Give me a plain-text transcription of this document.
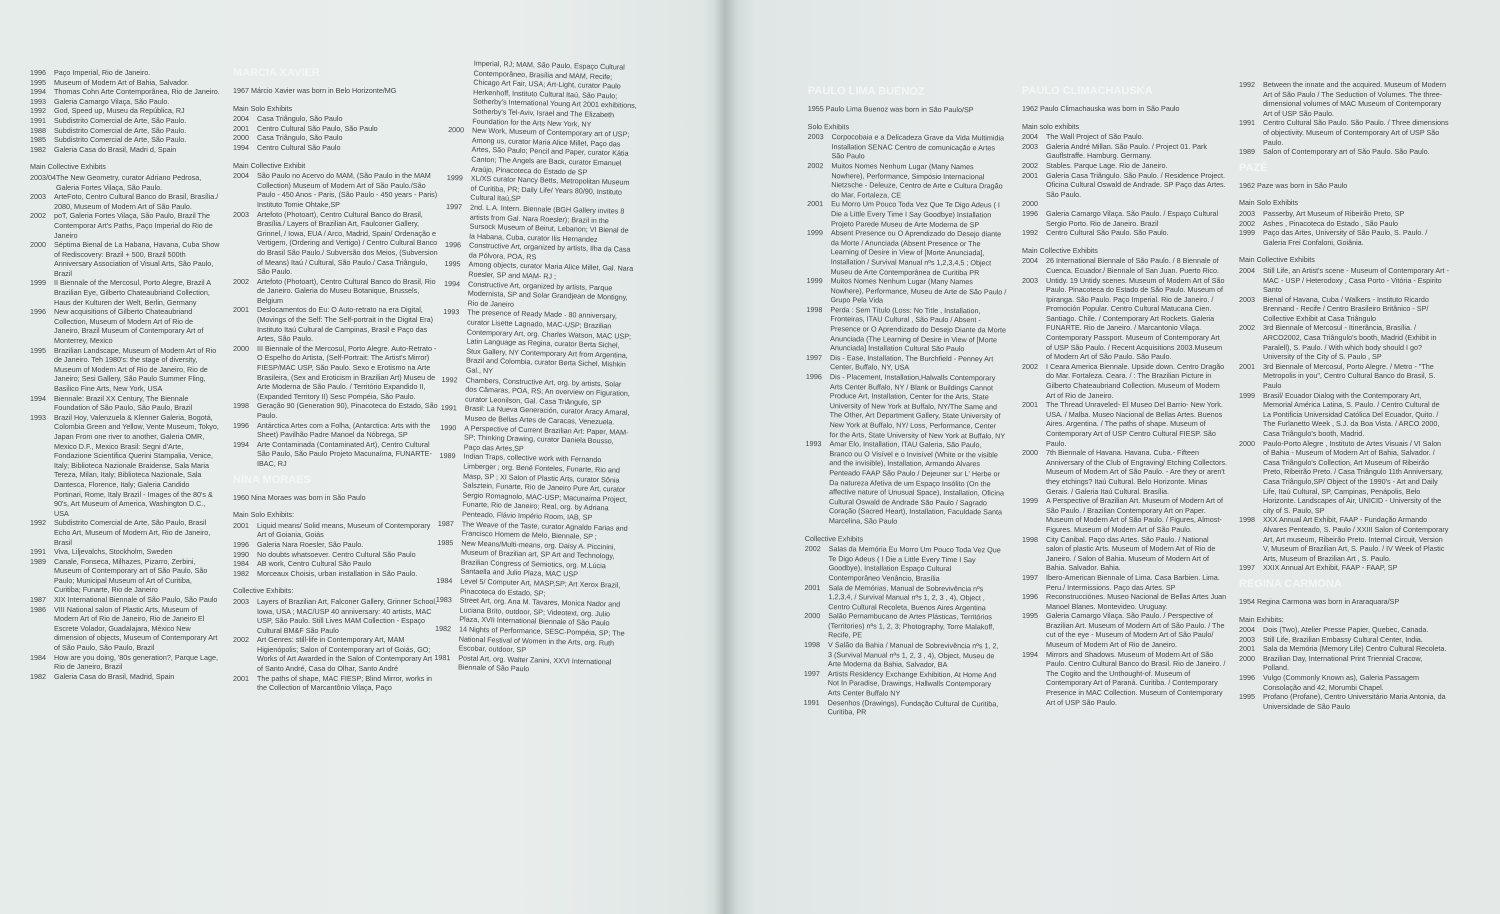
1996	Paço Imperial, Rio de Janeiro.
1995	Museum of Modern Art of Bahia, Salvador.
1994	Thomas Cohn Arte Contemporânea, Rio de Janeiro.
1993	Galeria Camargo Vilaça, São Paulo.
1992	God, Speed up, Museu da República, RJ
1991	Subdistrito Comercial de Arte, São Paulo.
1988	Subdistrito Comercial de Arte, São Paulo.
1985	Subdistrito Comercial de Arte, São Paulo.
1982	Galeria Casa do Brasil, Madri d, Spain
Main Collective Exhibits
2003/04 The New Geometry, curator Adriano Pedrosa, Galeria Fortes Vilaça, São Paulo.
2003	ArteFoto, Centro Cultural Banco do Brasil, Brasília./ 2080, Museum of Modern Art of São Paulo.
2002	poT, Galeria Fortes Vilaça, São Paulo, Brazil The Contemporar Art's Paths, Paço Imperial do Rio de Janeiro
2000	Séptima Bienal de La Habana, Havana, Cuba Show of Rediscovery: Brazil + 500, Brazil 500th Anniversary Association of Visual Arts, São Paulo, Brazil
1999	II Biennale of the Mercosul, Porto Alegre, Brazil A Brazilian Eye, Gilberto Chateaubriand Collection, Haus der Kulturen der Welt, Berlin, Germany
1996	New acquisitions of Gilberto Chateaubriand Collection, Museum of Modern Art of Rio de Janeiro, Brazil Museum of Contemporary Art of Monterrey, Mexico
1995	Brazilian Landscape, Museum of Modern Art of Rio de Janeiro. Teh 1980's: the stage of diversity, Museum of Modern Art of Rio de Janeiro, Rio de Janeiro; Sesi Gallery, São Paulo Summer Fling, Basilico Fine Arts, New York, USA
1994	Biennale: Brazil XX Century, The Biennale Foundation of São Paulo, São Paulo, Brazil
1993	Brazil Hoy, Valenzuela & Klenner Galeria, Bogotá, Colombia Green and Yellow, Vente Museum, Tokyo, Japan From one river to another, Galeria OMR, Mexico D.F., Mexico Brasil: Segni d'Arte, Fondazione Scientifica Querini Stampalia, Venice, Italy; Biblioteca Nazionale Braidense, Sala Maria Tereza, Milan, Italy; Biblioteca Nazionale, Sala Dantesca, Florence, Italy; Galeria Candido Portinari, Rome, Italy Brazil - Images of the 80's & 90's, Art Museum of America, Washington D.C., USA
1992	Subdistrito Comercial de Arte, São Paulo, Brasil Echo Art, Museum of Modern Art, Rio de Janeiro, Brasil
1991	Viva, Liljevalchs, Stockholm, Sweden
1989	Canale, Fonseca, Milhazes, Pizarro, Zerbini, Museum of Contemporary art of São Paulo, São Paulo; Municipal Museum of Art of Curitiba, Curitiba; Funarte, Rio de Janeiro
1987	XIX International Biennale of São Paulo, São Paulo
1986	VIII National salon of Plastic Arts, Museum of Modern Art of Rio de Janeiro, Rio de Janeiro El Escrete Volador, Guadalajara, México New dimension of objects, Museum of Contemporary Art of São Paulo, São Paulo, Brazil
1984	How are you doing, '80s generation?, Parque Lage, Rio de Janeiro, Brazil
1982	Galeria Casa do Brasil, Madrid, Spain
MARCIA XAVIER
1967 Márcio Xavier was born in Belo Horizonte/MG
Main Solo Exhibits
2004	Casa Triângulo, São Paulo
2001	Centro Cultural São Paulo, São Paulo
2000	Casa Triângulo, São Paulo
1994	Centro Cultural São Paulo
Main Collective Exhibit
2004	São Paulo no Acervo do MAM, (São Paulo in the MAM Collection) Museum of Modern Art of São Paulo./São Paulo - 450 Anos - Paris, (São Paulo - 450 years - Paris) Instituto Tomie Ohtake,SP
2003	Artefoto (Photoart), Centro Cultural Banco do Brasil, Brasília./ Layers of Brazilian Art, Faulconer Gallery, Grinnel, / Iowa, EUA / Arco, Madrid, Spain/ Ordenação e Vertigem, (Ordering and Vertigo) / Centro Cultural Banco do Brasil São Paulo./ Subversão dos Meios, (Subversion of Means) Itaú / Cultural, São Paulo./ Casa Triângulo, São Paulo.
2002	Artefoto (Photoart), Centro Cultural Banco do Brasil, Rio de Janeiro. Galeria do Museu Botanique, Brussels, Belgium
2001	Deslocamentos do Eu: O Auto-retrato na era Digital, (Movings of the Self: The Self-portrait in the Digital Era) Instituto Itaú Cultural de Campinas, Brasil e Paço das Artes, São Paulo.
2000	III Biennale of the Mercosul, Porto Alegre. Auto-Retrato - O Espelho do Artista, (Self-Portrait: The Artist's Mirror) FIESP/MAC USP, São Paulo. Sexo e Erotismo na Arte Brasileira, (Sex and Eroticism in Brazilian Art) Museu de Arte Moderna de São Paulo. / Território Expandido II, (Expanded Territory II) Sesc Pompéia, São Paulo.
1998	Geração 90 (Generation 90), Pinacoteca do Estado, São Paulo.
1996	Antárctica Artes com a Folha, (Antarctica: Arts with the Sheet) Pavilhão Padre Manoel da Nóbrega, SP
1994	Arte Contaminada (Contaminated Art), Centro Cultural São Paulo, São Paulo Projeto Macunaíma, FUNARTE-IBAC, RJ
NINA MORAES
1960 Nina Moraes was born in São Paulo
Main Solo Exhibits:
2001	Liquid means/ Solid means, Museum of Contemporary Art of Goiania, Goiás
1996	Galeria Nara Roesler, São Paulo.
1990	No doubts whatsoever. Centro Cultural São Paulo
1984	AB work, Centro Cultural São Paulo
1982	Morceaux Choisis, urban installation in São Paulo.
Collective Exhibits:
2003	Layers of Brazilian Art, Falconer Gallery, Grinner School, Iowa, USA ; MAC/USP 40 anniversary: 40 artists, MAC USP, São Paulo. Still Lives MAM Collection - Espaço Cultural BM&F São Paulo
2002	Art Genres: still-life in Contemporary Art, MAM Higienópolis; Salon of Contemporary art of Goiás, GO; Works of Art Awarded in the Salon of Contemporary Art of Santo André, Casa do Olhar, Santo André
2001	The paths of shape, MAC FIESP; Blind Mirror, works in the Collection of Marcantônio Vilaça, Paço
Imperial, RJ; MAM, São Paulo, Espaço Cultural Contemporâneo, Brasília and MAM, Recife; Chicago Art Fair, USA; Art-Light, curator Paulo Herkenhoff, Instituto Cultural Itaú, São Paulo; Sotherby's International Young Art 2001 exhibitions, Sotherby's Tel-Aviv, Israel and The Elizabeth Foundation for the Arts New York, NY
2000	New Work, Museum of Contemporary art of USP; Among us, curator Maria Alice Millet, Paço das Artes, São Paulo; Pencil and Paper, curator Kátia Canton; The Angels are Back, curator Emanuel Araújo, Pinacoteca do Estado de SP
1999	XL/XS curator Nancy Betts, Metropolitan Museum of Curitiba, PR; Daily Life/ Years 80/90, Instituto Cultural Itaú,SP
1997	2nd. L.A. Intern. Biennale (BGH Gallery invites 8 artists from Gal. Nara Roesler); Brazil in the Sursock Museum of Beirut, Lebanon; VI Bienal de la Habana, Cuba, curator Ilis Hernandez
1996	Constructive Art, organized by artists, Ilha da Casa da Pólvora, POA, RS
1995	Among objects, curator Maria Alice Millet, Gal. Nara Roesler, SP and MAM- RJ ;
1994	Constructive Art, organized by artists, Parque Modernista, SP and Solar Grandjean de Montigny, Rio de Janeiro
1993	The presence of Ready Made - 80 anniversary, curator Lisette Lagnado, MAC-USP; Brazilian Contemporary Art, org. Charles Watson, MAC USP; Latin Language as Regina, curator Berta Sichel, Stux Gallery, NY Contemporary Art from Argentina, Brazil and Colombia, curator Berta Sichel, Mishkin Gal., NY
1992	Chambers, Constructive Art, org. by artists, Solar dos Câmaras, POA, RS; An overview on Figuration, curator Leonilson, Gal. Casa Triângulo, SP
1991	Brasil: La Nueva Generación, curator Aracy Amaral, Museo de Bellas Artes de Caracas, Venezuela.
1990	A Perspective of Current Brazilian Art: Paper, MAM-SP; Thinking Drawing, curator Daniela Bousso, Paço das Artes,SP
1989	Indian Traps, collective work with Fernando Limberger ; org. Bené Fonteles, Funarte, Rio and Masp, SP ; XI Salon of Plastic Arts, curator Sônia Salsztein, Funarte, Rio de Janeiro Pure Art, curator Sergio Romagnolo, MAC-USP; Macunaíma Project, Funarte, Rio de Janeiro; Real, org. by Adriana Penteado, Flávio Império Room, IAB, SP
1987	The Weave of the Taste, curator Agnaldo Farias and Francisco Homem de Melo, Biennale, SP ;
1985	New Means/Multi-means, org. Daisy A. Piccinini, Museum of Brazilian art, SP Art and Technology, Brazilian Congress of Semiotics, org. M.Lúcia Santaella and Julio Plaza, MAC USP
1984	Level 5/ Computer Art, MASP,SP; Art Xerox Brazil, Pinacoteca do Estado, SP;
1983	Street Art, org. Ana M. Tavares, Monica Nador and Luciana Brito, outdoor, SP; Videotext, org. Julio Plaza, XVII International Biennale of São Paulo
1982	14 Nights of Performance, SESC-Pompéia, SP; The National Festival of Women in the Arts, org. Ruth Escobar, outdoor, SP
1981	Postal Art, org. Walter Zanini, XXVI International Biennale of São Paulo
PAULO LIMA BUENOZ
1955 Paulo Lima Buenoz was born in São Paulo/SP
Solo Exhibits
2003	Corpocobaia e a Delicadeza Grave da Vida Multimidia Installation SENAC Centro de comunicação e Artes São Paulo
2002	Muitos Nomes Nenhum Lugar (Many Names Nowhere), Performance, Simpósio Internacional Nietzsche - Deleuze, Centro de Arte e Cultura Dragão do Mar, Fortaleza, CE
2001	Eu Morro Um Pouco Toda Vez Que Te Digo Adeus ( I Die a Little Every Time I Say Goodbye) Installation Projeto Parede Museu de Arte Moderna de SP
1999	Absent Presence ou O Aprendizado do Desejo diante da Morte / Anunciada (Absent Presence or The Learning of Desire in View of [Morte Anunciada], Installation / Survival Manual nºs 1,2,3,4,5 ; Object Museu de Arte Contemporânea de Curitiba PR
1999	Muitos Nomes Nenhum Lugar (Many Names Nowhere), Performance, Museu de Arte de São Paulo / Grupo Pela Vida
1998	Perda : Sem Título (Loss: No Title , Installation, Fronteiras, ITAU Cultural , São Paulo / Absent - Presence or O Aprendizado do Desejo Diante da Morte Anunciada (The Learning of Desire in View of [Morte Anunciada] Installation Cultural São Paulo
1997	Dis - Ease, Installation, The Burchfield - Penney Art Center, Buffalo, NY, USA
1996	Dis - Placement, Installation,Halwalls Contemporary Arts Center Buffalo, NY / Blank or Buildings Cannot Produce Art, Installation, Center for the Arts, State University of New York at Buffalo, NY/The Same and The Other, Art Department Gallery, State University of New York at Buffalo, NY/ Loss, Performance, Center for the Arts, State University of New York at Buffalo, NY
1993	Amar Elo, Installation, ITAU Galeria, São Paulo, Branco ou O Visível e o Invisível (White or the visible and the invisible), Installation, Armando Alvares Penteado FAAP São Paulo / Dejeuner sur L' Herbe or Da natureza Afetiva de um Espaço Insólito (On the affective nature of Unusual Space), Installation, Oficina Cultural Oswald de Andrade São Paulo / Sagrado Coração (Sacred Heart), Installation, Faculdade Santa Marcelina, São Paulo
Collective Exhibits
2002	Salas da Memória Eu Morro Um Pouco Toda Vez Que Te Digo Adeus ( I Die a Little Every Time I Say Goodbye), Installation Espaço Cultural Contemporâneo Venâncio, Brasília
2001	Sala de Memórias, Manual de Sobrevivência nºs 1,2,3,4, / Survival Manual nºs 1, 2, 3 , 4), Object , Centro Cultural Recoleta, Buenos Aires Argentina
2000	Salão Pernambucano de Artes Plásticas, Territórios (Territories) nºs 1, 2, 3; Photography, Torre Malakoff, Recife, PE
1998	V Salão da Bahia / Manual de Sobrevivência nºs 1, 2, 3 (Survival Manual nºs 1, 2, 3 , 4), Object, Museu de Arte Moderna da Bahia, Salvador, BA
1997	Artists Residency Exchange Exhibition, At Home And Not In Paradise, Drawings, Hallwalls Contemporary Arts Center Buffalo NY
1991	Desenhos (Drawings), Fundação Cultural de Curitiba, Curitiba, PR
PAULO CLIMACHAUSKA
1962 Paulo Climachauska was born in São Paulo
Main solo exhibits
2004	The Wall Project of São Paulo.
2003	Galeria André Millan. São Paulo. / Project 01. Park Gauflstraffe. Hamburg. Germany.
2002	Stables. Parque Lage. Rio de Janeiro.
2001	Galeria Casa Triângulo. São Paulo. / Residence Project. Oficina Cultural Oswald de Andrade. SP Paço das Artes. São Paulo.
2000
1996	Galeria Camargo Vilaça. São Paulo. / Espaço Cultural Sergio Porto. Rio de Janeiro. Brazil
1992	Centro Cultural São Paulo. São Paulo.
Main Collective Exhibits
2004	26 International Biennale of São Paulo. / 8 Biennale of Cuenca. Ecuador./ Biennale of San Juan. Puerto Rico.
2003	Untidy. 19 Untidy scenes. Museum of Modern Art of São Paulo. Pinacoteca do Estado de São Paulo. Museum of Ipiranga. São Paulo. Paço Imperial. Rio de Janeiro. / Promoción Popular. Centro Cultural Matucana Cien. Santiago. Chile. / Contemporary Art Rockets. Galeria FUNARTE. Rio de Janeiro. / Marcantonio Vilaça. Contemporary Passport. Museum of Contemporary Art of USP São Paulo. / Recent Acquisitions 2003.Museum of Modern Art of São Paulo. São Paulo.
2002	I Ceara America Biennale. Upside down. Centro Dragão do Mar. Fortaleza. Ceara. / : The Brazilian Picture in Gilberto Chateaubriand Collection. Museum of Modern Art of Rio de Janeiro.
2001	The Thread Unraveled- El Museo Del Barrio- New York. USA. / Malba. Museo Nacional de Bellas Artes. Buenos Aires. Argentina. / The paths of shape. Museum of Contemporary Art of USP Centro Cultural FIESP. São Paulo.
2000	7th Biennale of Havana. Havana. Cuba.- Fifteen Anniversary of the Club of Engraving/ Etching Collectors. Museum of Modern Art of São Paulo. - Are they or aren't they etchings? Itaú Cultural. Belo Horizonte. Minas Gerais. / Galeria Itaú Cultural. Brasília.
1999	A Perspective of Brazilian Art. Museum of Modern Art of São Paulo. / Brazilian Contemporary Art on Paper. Museum of Modern Art of São Paulo. / Figures, Almost-Figures. Museum of Modern Art of São Paulo.
1998	City Canibal. Paço das Artes. São Paulo. / National salon of plastic Arts. Museum of Modern Art of Rio de Janeiro. / Salon of Bahia. Museum of Modern Art of Bahia. Salvador. Bahia.
1997	Ibero-American Biennale of Lima. Casa Barbien. Lima. Peru./ Intermissions. Paço das Artes. SP
1996	Reconstrucciónes. Museo Nacional de Bellas Artes Juan Manoel Blanes. Montevideo. Uruguay.
1995	Galeria Camargo Vilaça. São Paulo. / Perspective of Brazilian Art. Museum of Modern Art of São Paulo. / The cut of the eye - Museum of Modern Art of São Paulo/ Museum of Modern Art of Rio de Janeiro.
1994	Mirrors and Shadows. Museum of Modern Art of São Paulo. Centro Cultural Banco do Brasil. Rio de Janeiro. / The Cogito and the Unthought-of. Museum of Contemporary Art of Paraná. Curitiba. / Contemporary Presence in MAC Collection. Museum of Contemporary Art of USP São Paulo.
1992	Between the innate and the acquired. Museum of Modern Art of São Paulo / The Seduction of Volumes. The three-dimensional volumes of MAC Museum of Contemporary Art of USP São Paulo.
1991	Centro Cultural São Paulo. São Paulo. / Three dimensions of objectivity. Museum of Contemporary Art of USP São Paulo.
1989	Salon of Contemporary art of São Paulo. São Paulo.
PAZÉ
1962 Paze was born in São Paulo
Main Solo Exhibits
2003	Passerby, Art Museum of Ribeirão Preto, SP
2002	Ashes , Pinacoteca do Estado , São Paulo
1999	Paço das Artes, University of São Paulo, S. Paulo. / Galeria Frei Confaloni, Goiânia.
Main Collective Exhibits
2004	Still Life, an Artist's scene - Museum of Contemporary Art - MAC - USP / Heterodoxy , Casa Porto - Vitória - Espirito Santo
2003	Bienal of Havana, Cuba / Walkers - Instituto Ricardo Brennand - Recife / Centro Brasileiro Britânico - SP/ Collective Exhibit at Casa Triângulo
2002	3rd Biennale of Mercosul - Itinerância, Brasília. / ARCO2002, Casa Triângulo's booth, Madrid (Exhibit in Paralell), S. Paulo. / With which body should I go? University of the City of S. Paulo , SP
2001	3rd Biennale of Mercosul, Porto Alegre. / Metro - "The Metropolis in you", Centro Cultural Banco do Brasil, S. Paulo
1999	Brasil/ Ecuador Dialog with the Contemporary Art, Memorial América Latina, S. Paulo. / Centro Cultural de La Pontificia Universidad Católica Del Ecuador, Quito. / The Furlanetto Week , S.J. da Boa Vista. / ARCO 2000, Casa Triângulo's booth, Madrid.
2000	Paulo-Porto Alegre , Instituto de Artes Visuais / VI Salon of Bahia - Museum of Modern Art of Bahia, Salvador. / Casa Triângulo's Collection, Art Museum of Ribeirão Preto, Ribeirão Preto. / Casa Triângulo 11th Anniversary, Casa Triângulo,SP/ Object of the 1990's - Art and Daily Life, Itaú Cultural, SP, Campinas, Penápolis, Belo Horizonte. Landscapes of Air, UNICID - University of the city of S. Paulo, SP
1998	XXX Annual Art Exhibit, FAAP - Fundação Armando Alvares Penteado, S. Paulo / XXIII Salon of Contemporary Art, Art museum, Ribeirão Preto. Internal Circuit, Version V, Museum of Brazilian Art, S. Paulo. / IV Week of Plastic Arts, Museum of Brazilian Art , S. Paulo.
1997	XXIX Annual Art Exhibit, FAAP - FAAP, SP
REGINA CARMONA
1954 Regina Carmona was born in Araraquara/SP
Main Exhibits:
2004	Dois (Two), Atelier Presse Papier, Quebec, Canada.
2003	Still Life, Brazilian Embassy Cultural Center, India.
2001	Sala da Memória (Memory Life) Centro Cultural Recoleta.
2000	Brazilian Day, International Print Triennial Cracow, Polland.
1996	Vulgo (Commonly Known as), Galeria Passagem Consolação and 42, Morumbi Chapel.
1995	Profano (Profane), Centro Universitário Maria Antonia, da Universidade de São Paulo
